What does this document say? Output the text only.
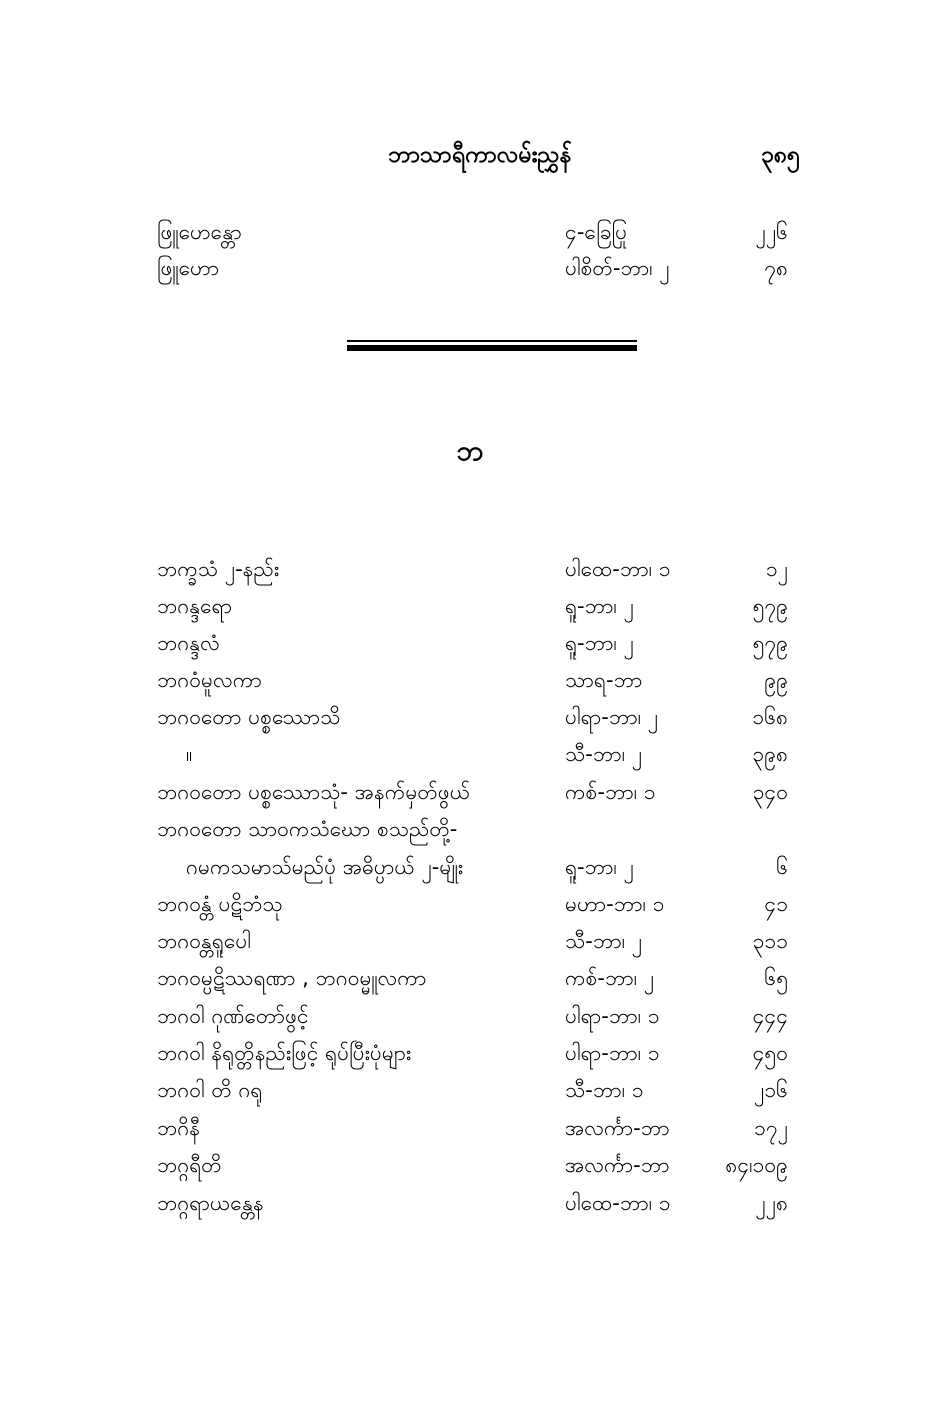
ဘာသာရီကာလမ်းညွှန်	၃၈၅
ဖြူဟေန္တော	၄-ခြေပြု	၂၂၆
ဖြူဟော	ပါစိတ်-ဘာ၊ ၂	၇၈
ဘ
ဘက္ခသံ ၂-နည်း	ပါထေ-ဘာ၊ ၁	၁၂
ဘဂန္ဒရော	ရူ-ဘာ၊ ၂	၅၇၉
ဘဂန္ဒလံ	ရူ-ဘာ၊ ၂	၅၇၉
ဘဂဝံမူလကာ	သာရ-ဘာ	၉၉
ဘဂဝတော ပစ္စဿောသိ	ပါရာ-ဘာ၊ ၂	၁၆၈
။	သီ-ဘာ၊ ၂	၃၉၈
ဘဂဝတော ပစ္စဿောသုံ- အနက်မှတ်ဖွယ်	ကစ်-ဘာ၊ ၁	၃၄၀
ဘဂဝတော သာဝကသံဃော စသည်တို့-
ဂမကသမာသ်မည်ပုံ အဓိပ္ပာယ် ၂-မျိုး	ရူ-ဘာ၊ ၂	၆
ဘဂဝန္တံ ပဋိဘံသု	မဟာ-ဘာ၊ ၁	၄၁
ဘဂဝန္တရူပေါ	သီ-ဘာ၊ ၂	၃၁၁
ဘဂဝမ္ပဋိဿရဏာ , ဘဂဝမ္မူလကာ	ကစ်-ဘာ၊ ၂	၆၅
ဘဂဝါ ဂုဏ်တော်ဖွင့်	ပါရာ-ဘာ၊ ၁	၄၄၄
ဘဂဝါ နိရုတ္တိနည်းဖြင့် ရုပ်ပြီးပုံများ	ပါရာ-ဘာ၊ ၁	၄၅၀
ဘဂဝါ တိ ဂရု	သီ-ဘာ၊ ၁	၂၁၆
ဘဂိနီ	အလင်္ကာ-ဘာ	၁၇၂
ဘဂ္ဂရီတိ	အလင်္ကာ-ဘာ	၈၄၊၁၀၉
ဘဂ္ဂရာယန္တေန	ပါထေ-ဘာ၊ ၁	၂၂၈
